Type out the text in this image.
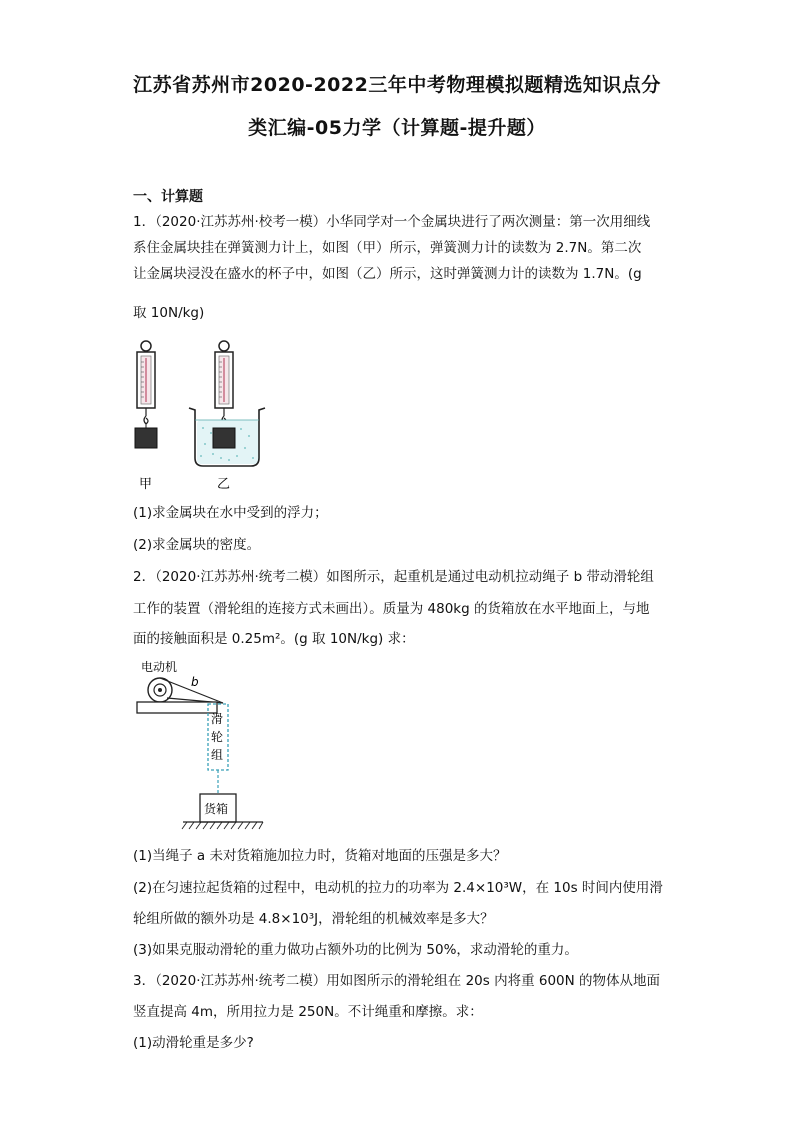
江苏省苏州市2020-2022三年中考物理模拟题精选知识点分
类汇编-05力学（计算题-提升题）
一、计算题
1．（2020·江苏苏州·校考一模）小华同学对一个金属块进行了两次测量：第一次用细线
系住金属块挂在弹簧测力计上，如图（甲）所示，弹簧测力计的读数为 2.7N。第二次
让金属块浸没在盛水的杯子中，如图（乙）所示，这时弹簧测力计的读数为 1.7N。(g
取 10N/kg)
甲	乙
(1)求金属块在水中受到的浮力；
(2)求金属块的密度。
2．（2020·江苏苏州·统考二模）如图所示，起重机是通过电动机拉动绳子 b 带动滑轮组
工作的装置（滑轮组的连接方式未画出）。质量为 480kg 的货箱放在水平地面上，与地
面的接触面积是 0.25m²。(g 取 10N/kg) 求：
电动机
b
滑
轮
组
货箱
(1)当绳子 a 未对货箱施加拉力时，货箱对地面的压强是多大？
(2)在匀速拉起货箱的过程中，电动机的拉力的功率为 2.4×10³W，在 10s 时间内使用滑
轮组所做的额外功是 4.8×10³J，滑轮组的机械效率是多大？
(3)如果克服动滑轮的重力做功占额外功的比例为 50%，求动滑轮的重力。
3．（2020·江苏苏州·统考二模）用如图所示的滑轮组在 20s 内将重 600N 的物体从地面
竖直提高 4m，所用拉力是 250N。不计绳重和摩擦。求：
(1)动滑轮重是多少?
